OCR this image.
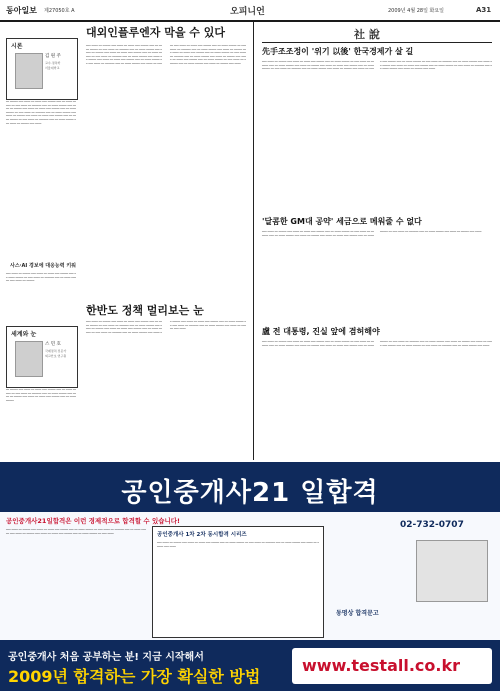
동아일보 제27050호 A	오피니언	2009년 4월 28일 화요일	A31
시론
김 원 주
교수·정치학
서울대학교
━━ ━━━━━ ━━━ ━━━━ ━━ ━━━━ ━━━ ━━━━━ ━━━ ━━ ━━━━ ━━━━━ ━━ ━━━ ━━━━ ━━ ━━━━━━ ━━━ ━━ ━━━━ ━━━━━ ━━━ ━━━━ ━━ ━━━━━ ━━━ ━━━━ ━━ ━━━━ ━━━ ━━━━━ ━━━ ━━ ━━━━ ━━━━━ ━━ ━━━ ━━━━ ━━ ━━━━━━ ━━━ ━━ ━━━━ ━━━━━ ━━━ ━━━━ ━━ ━━━━━ ━━━ ━━━━ ━━ ━━━━ ━━━ ━━━━━ ━━━ ━━ ━━━━ ━━━━━ ━━ ━━━ ━━━━ ━━ ━━━━━━ ━━━ ━━ ━━━━ ━━━━━ ━━━ ━━━━ ━━ ━━━━━ ━━━ ━━━━
사스·AI 경보에 대응능력 키워
━━━ ━━━━ ━━ ━━━━━ ━━━ ━━━━ ━━ ━━━━ ━━━ ━━━━━ ━━━ ━━ ━━━━ ━━━━━ ━━ ━━━ ━━━━ ━━ ━━━━━━ ━━━ ━━ ━━━━ ━━━━━ ━━━ ━━━━ ━━ ━━━━━
세계와 눈
스 민 호
국제정치 전문가
외교안보 연구원
━━ ━━━━━ ━━━ ━━━━ ━━ ━━━━ ━━━ ━━━━━ ━━━ ━━ ━━━━ ━━━━━ ━━ ━━━ ━━━━ ━━ ━━━━━━ ━━━ ━━ ━━━━ ━━━━━ ━━━ ━━━━ ━━ ━━━━━ ━━━ ━━━━ ━━ ━━━━ ━━━ ━━━━━ ━━━ ━━ ━━━━ ━━━━━
대외인플루엔자 막을 수 있다
━━━ ━━━━ ━━ ━━━━━ ━━━ ━━━━ ━━ ━━━━ ━━━ ━━━━━ ━━━ ━━ ━━━━ ━━━━━ ━━ ━━━ ━━━━ ━━ ━━━━━━ ━━━ ━━ ━━━━ ━━━━━ ━━━ ━━━━ ━━ ━━━━━ ━━━ ━━━━ ━━ ━━━━ ━━━ ━━━━━ ━━━ ━━ ━━━━ ━━━━━ ━━ ━━━ ━━━━ ━━ ━━━━━━ ━━━ ━━ ━━━━ ━━━━━ ━━━ ━━━━ ━━ ━━━━━ ━━━ ━━━━ ━━ ━━━━ ━━━ ━━━━━ ━━━ ━━ ━━━━ ━━━━━ ━━ ━━━ ━━━━ ━━ ━━━━━━ ━━━ ━━ ━━━━ ━━━━━ ━━━ ━━━━ ━━ ━━━━━ ━━━ ━━━━ ━━ ━━━━ ━━━ ━━━━━ ━━━ ━━ ━━━━ ━━━━━ ━━ ━━━ ━━━━ ━━ ━━━━━━ ━━━ ━━ ━━━━ ━━━━━ ━━━ ━━━━ ━━ ━━━━━ ━━━ ━━━━ ━━ ━━━━ ━━━ ━━━━━ ━━━ ━━ ━━━━ ━━━━━ ━━ ━━━ ━━━━ ━━ ━━━━━━ ━━━ ━━ ━━━━ ━━━━━ ━━━ ━━━━ ━━ ━━━━━ ━━━ ━━━━ ━━ ━━━━ ━━━ ━━━━━ ━━━ ━━ ━━━━ ━━━━━ ━━ ━━━ ━━━━ ━━ ━━━━━━ ━━━ ━━ ━━━━ ━━━━━ ━━━ ━━━━ ━━ ━━━━━ ━━━ ━━━━
한반도 정책 멀리보는 눈
━━━ ━━━━ ━━ ━━━━━ ━━━ ━━━━ ━━ ━━━━ ━━━ ━━━━━ ━━━ ━━ ━━━━ ━━━━━ ━━ ━━━ ━━━━ ━━ ━━━━━━ ━━━ ━━ ━━━━ ━━━━━ ━━━ ━━━━ ━━ ━━━━━ ━━━ ━━━━ ━━ ━━━━ ━━━ ━━━━━ ━━━ ━━ ━━━━ ━━━━━ ━━ ━━━ ━━━━ ━━ ━━━━━━ ━━━ ━━ ━━━━ ━━━━━ ━━━ ━━━━ ━━ ━━━━━ ━━━ ━━━━ ━━ ━━━━ ━━━ ━━━━━ ━━━ ━━ ━━━━ ━━━━━ ━━ ━━━ ━━━━ ━━ ━━━━━━ ━━━ ━━ ━━━━ ━━━━━ ━━━ ━━━━ ━━ ━━━━━ ━━━ ━━━━
社 說
先手조조정이 '위기 以後' 한국경제가 살 길
━━━ ━━━━ ━━ ━━━━━ ━━━ ━━━━ ━━ ━━━━ ━━━ ━━━━━ ━━━ ━━ ━━━━ ━━━━━ ━━ ━━━ ━━━━ ━━ ━━━━━━ ━━━ ━━ ━━━━ ━━━━━ ━━━ ━━━━ ━━ ━━━━━ ━━━ ━━━━ ━━ ━━━━ ━━━ ━━━━━ ━━━ ━━ ━━━━ ━━━━━ ━━ ━━━ ━━━━ ━━ ━━━━━━ ━━━ ━━ ━━━━ ━━━━━ ━━━ ━━━━ ━━ ━━━━━ ━━━ ━━━━ ━━ ━━━━ ━━━ ━━━━━ ━━━ ━━ ━━━━ ━━━━━ ━━ ━━━ ━━━━ ━━ ━━━━━━ ━━━ ━━ ━━━━ ━━━━━ ━━━ ━━━━ ━━ ━━━━━ ━━━ ━━━━ ━━ ━━━━ ━━━ ━━━━━ ━━━ ━━ ━━━━ ━━━━━ ━━ ━━━ ━━━━ ━━ ━━━━━━ ━━━ ━━ ━━━━ ━━━━━ ━━━ ━━━━ ━━ ━━━━━ ━━━ ━━━━
'달콤한 GM대 공약' 세금으로 메워줄 수 없다
━━━ ━━━━ ━━ ━━━━━ ━━━ ━━━━ ━━ ━━━━ ━━━ ━━━━━ ━━━ ━━ ━━━━ ━━━━━ ━━ ━━━ ━━━━ ━━ ━━━━━━ ━━━ ━━ ━━━━ ━━━━━ ━━━ ━━━━ ━━ ━━━━━ ━━━ ━━━━ ━━ ━━━━ ━━━ ━━━━━ ━━━ ━━ ━━━━ ━━━━━ ━━ ━━━ ━━━━ ━━ ━━━━━━ ━━━ ━━ ━━━━ ━━━━━ ━━━ ━━━━ ━━ ━━━━━ ━━━ ━━━━
盧 전 대통령, 진실 앞에 겸허해야
━━━ ━━━━ ━━ ━━━━━ ━━━ ━━━━ ━━ ━━━━ ━━━ ━━━━━ ━━━ ━━ ━━━━ ━━━━━ ━━ ━━━ ━━━━ ━━ ━━━━━━ ━━━ ━━ ━━━━ ━━━━━ ━━━ ━━━━ ━━ ━━━━━ ━━━ ━━━━ ━━ ━━━━ ━━━ ━━━━━ ━━━ ━━ ━━━━ ━━━━━ ━━ ━━━ ━━━━ ━━ ━━━━━━ ━━━ ━━ ━━━━ ━━━━━ ━━━ ━━━━ ━━ ━━━━━ ━━━ ━━━━ ━━ ━━━━ ━━━ ━━━━━ ━━━ ━━ ━━━━ ━━━━━ ━━ ━━━ ━━━━ ━━ ━━━━━━ ━━━ ━━ ━━━━ ━━━━━ ━━━ ━━━━
공인중개사21 일합격
공인중개사21일합격은 이런 경제적으로 합격할 수 있습니다!
━━━ ━━━━ ━━ ━━━━━ ━━━ ━━━━ ━━ ━━━━ ━━━ ━━━━━ ━━━ ━━ ━━━━ ━━━━━ ━━ ━━━ ━━━━ ━━ ━━━━━━ ━━━ ━━ ━━━━ ━━━━━ ━━━ ━━━━ ━━ ━━━━━ ━━━ ━━━━ ━━ ━━━━ ━━━ ━━━━━ ━━━ ━━ ━━━━ ━━━━━ ━━ ━━━ ━━━━	공인중개사 1차 2차 동시합격 시리즈
━━━ ━━━━ ━━ ━━━━━ ━━━ ━━━━ ━━ ━━━━ ━━━ ━━━━━ ━━━ ━━ ━━━━ ━━━━━ ━━ ━━━ ━━━━ ━━ ━━━━━━ ━━━ ━━ ━━━━ ━━━━━ ━━━ ━━━━ ━━ ━━━━━ ━━━ ━━━━
02-732-0707
동명상 합격문고
공인중개사 처음 공부하는 분! 지금 시작해서
2009년 합격하는 가장 확실한 방법
www.testall.co.kr
